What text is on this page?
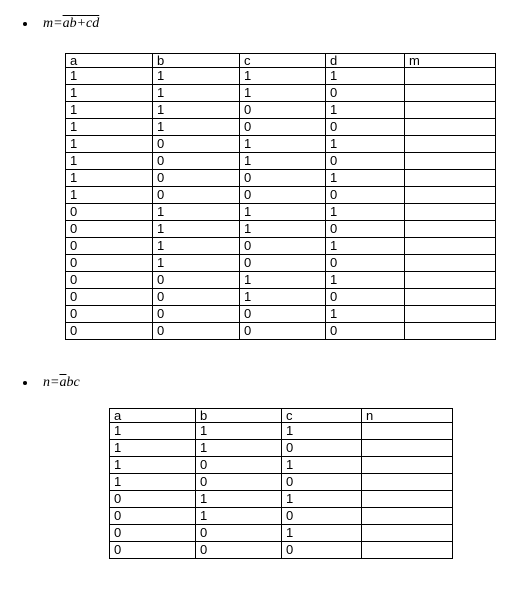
m=ab+cd
a	b	c	d	m
1	1	1	1	
1	1	1	0	
1	1	0	1	
1	1	0	0	
1	0	1	1	
1	0	1	0	
1	0	0	1	
1	0	0	0	
0	1	1	1	
0	1	1	0	
0	1	0	1	
0	1	0	0	
0	0	1	1	
0	0	1	0	
0	0	0	1	
0	0	0	0	
$n=\overline{a}bc$
a	b	c	n
1	1	1	
1	1	0	
1	0	1	
1	0	0	
0	1	1	
0	1	0	
0	0	1	
0	0	0	
